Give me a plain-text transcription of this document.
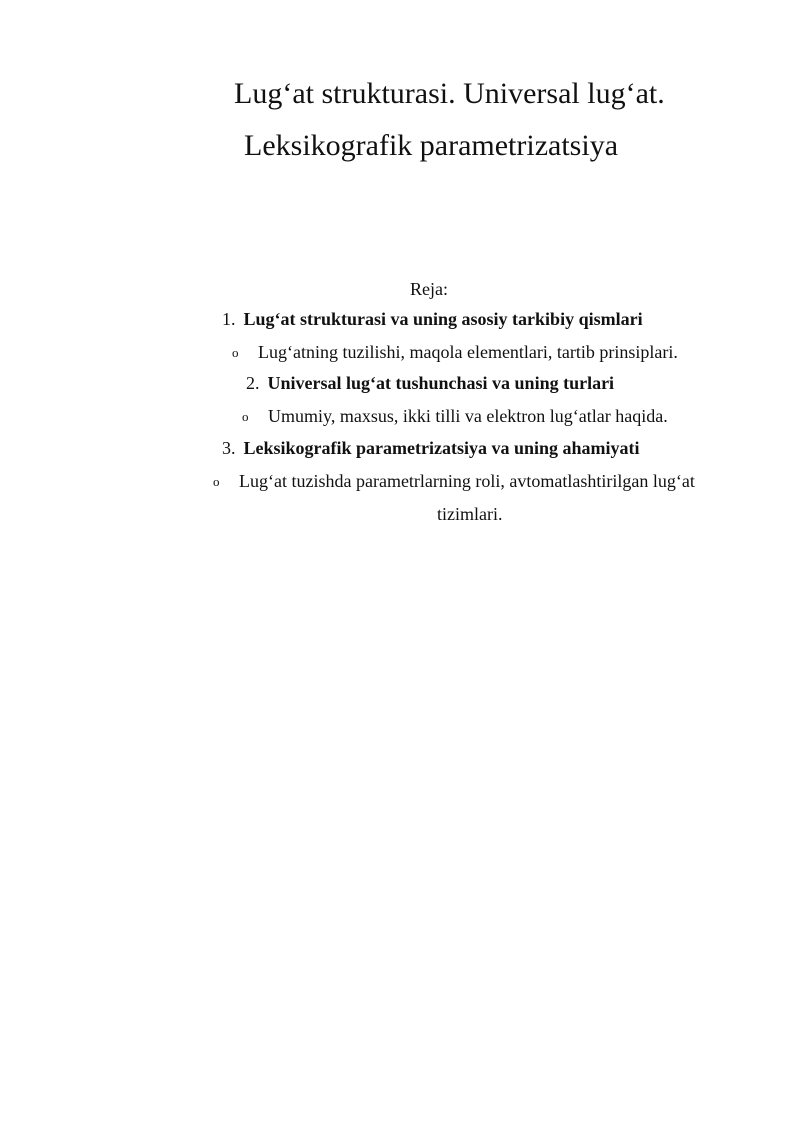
Lug‘at strukturasi. Universal lug‘at.
Leksikografik parametrizatsiya
Reja:
1. Lug‘at strukturasi va uning asosiy tarkibiy qismlari
o Lug‘atning tuzilishi, maqola elementlari, tartib prinsiplari.
2. Universal lug‘at tushunchasi va uning turlari
o Umumiy, maxsus, ikki tilli va elektron lug‘atlar haqida.
3. Leksikografik parametrizatsiya va uning ahamiyati
o Lug‘at tuzishda parametrlarning roli, avtomatlashtirilgan lug‘at
tizimlari.
